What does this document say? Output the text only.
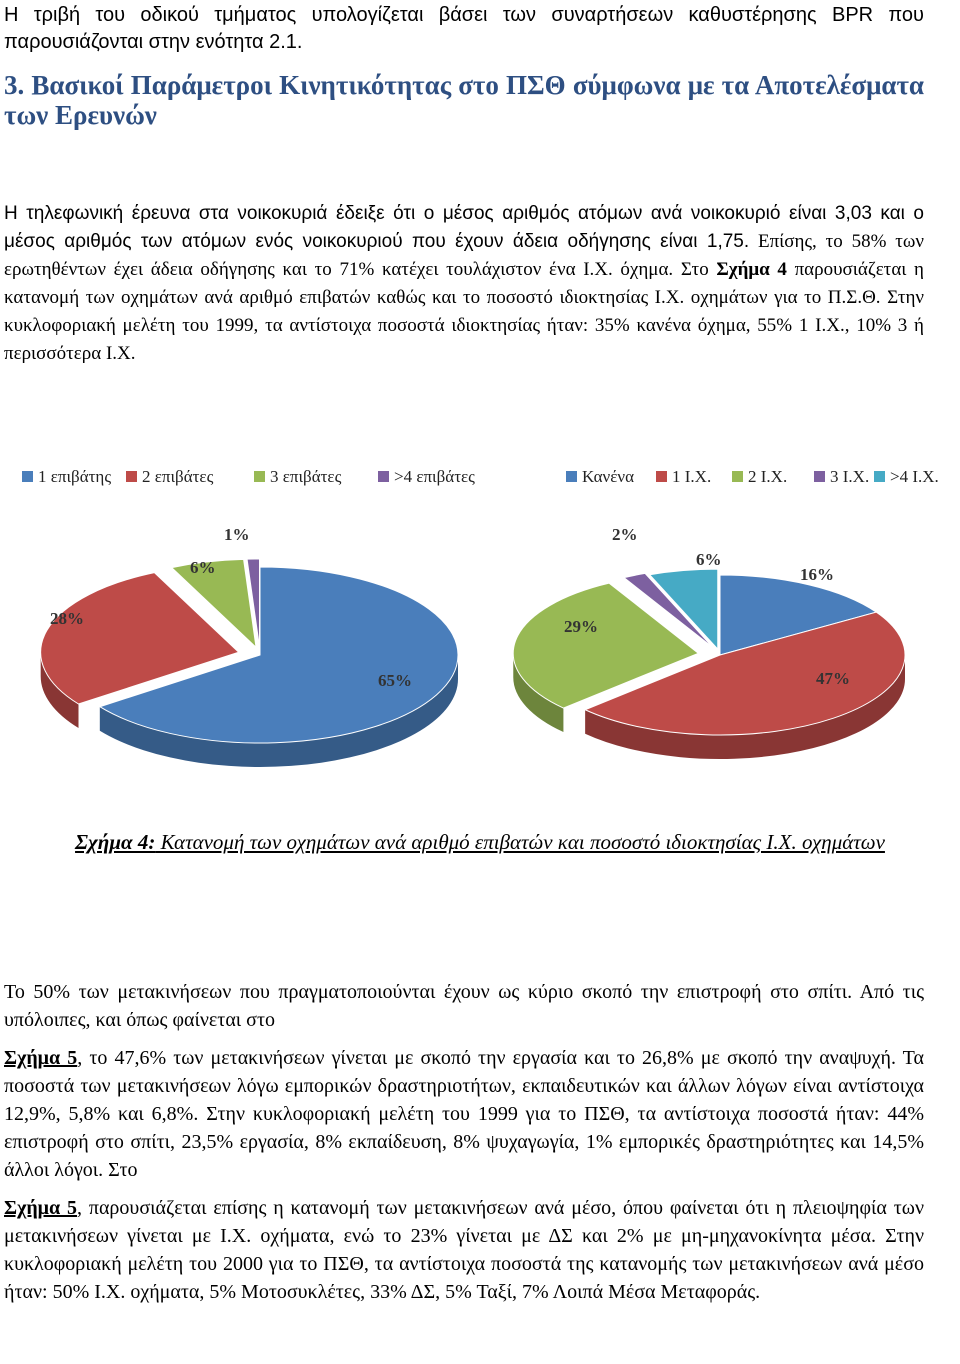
Η τριβή του οδικού τμήματος υπολογίζεται βάσει των συναρτήσεων καθυστέρησης BPR που παρουσιάζονται στην ενότητα 2.1.
3. Βασικοί Παράμετροι Κινητικότητας στο ΠΣΘ σύμφωνα με τα Αποτελέσματα των Ερευνών
Η τηλεφωνική έρευνα στα νοικοκυριά έδειξε ότι ο μέσος αριθμός ατόμων ανά νοικοκυριό είναι 3,03 και ο μέσος αριθμός των ατόμων ενός νοικοκυριού που έχουν άδεια οδήγησης είναι 1,75. Επίσης, το 58% των ερωτηθέντων έχει άδεια οδήγησης και το 71% κατέχει τουλάχιστον ένα Ι.Χ. όχημα. Στο Σχήμα 4 παρουσιάζεται η κατανομή των οχημάτων ανά αριθμό επιβατών καθώς και το ποσοστό ιδιοκτησίας Ι.Χ. οχημάτων για το Π.Σ.Θ. Στην κυκλοφοριακή μελέτη του 1999, τα αντίστοιχα ποσοστά ιδιοκτησίας ήταν: 35% κανένα όχημα, 55% 1 Ι.Χ., 10% 3 ή περισσότερα Ι.Χ.
1 επιβάτης 2 επιβάτες	3 επιβάτες	>4 επιβάτες
65%
28%
6%
1%
Κανένα 1 Ι.Χ. 2 Ι.Χ.	3 Ι.Χ. >4 Ι.Χ.
16%
47%
29%
2%
6%
Σχήμα 4: Κατανομή των οχημάτων ανά αριθμό επιβατών και ποσοστό ιδιοκτησίας Ι.Χ. οχημάτων
Το 50% των μετακινήσεων που πραγματοποιούνται έχουν ως κύριο σκοπό την επιστροφή στο σπίτι. Από τις υπόλοιπες, και όπως φαίνεται στο
Σχήμα 5, το 47,6% των μετακινήσεων γίνεται με σκοπό την εργασία και το 26,8% με σκοπό την αναψυχή. Τα ποσοστά των μετακινήσεων λόγω εμπορικών δραστηριοτήτων, εκπαιδευτικών και άλλων λόγων είναι αντίστοιχα 12,9%, 5,8% και 6,8%. Στην κυκλοφοριακή μελέτη του 1999 για το ΠΣΘ, τα αντίστοιχα ποσοστά ήταν: 44% επιστροφή στο σπίτι, 23,5% εργασία, 8% εκπαίδευση, 8% ψυχαγωγία, 1% εμπορικές δραστηριότητες και 14,5% άλλοι λόγοι. Στο
Σχήμα 5, παρουσιάζεται επίσης η κατανομή των μετακινήσεων ανά μέσο, όπου φαίνεται ότι η πλειοψηφία των μετακινήσεων γίνεται με Ι.Χ. οχήματα, ενώ το 23% γίνεται με ΔΣ και 2% με μη-μηχανοκίνητα μέσα. Στην κυκλοφοριακή μελέτη του 2000 για το ΠΣΘ, τα αντίστοιχα ποσοστά της κατανομής των μετακινήσεων ανά μέσο ήταν: 50% Ι.Χ. οχήματα, 5% Μοτοσυκλέτες, 33% ΔΣ, 5% Ταξί, 7% Λοιπά Μέσα Μεταφοράς.
